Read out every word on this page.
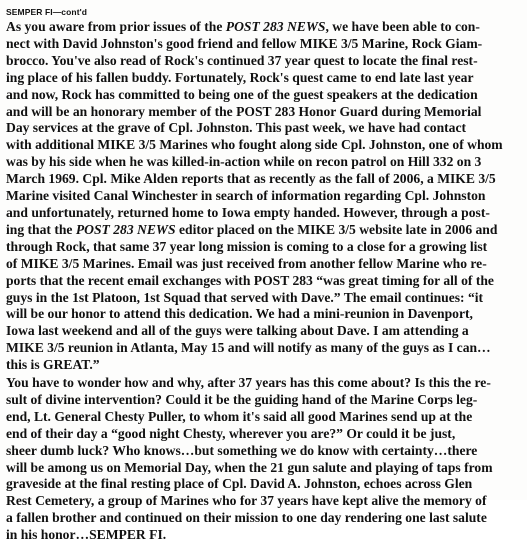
SEMPER FI—cont'd
As you aware from prior issues of the POST 283 NEWS, we have been able to con-
nect with David Johnston's good friend and fellow MIKE 3/5 Marine, Rock Giam-
brocco. You've also read of Rock's continued 37 year quest to locate the final rest-
ing place of his fallen buddy. Fortunately, Rock's quest came to end late last year
and now, Rock has committed to being one of the guest speakers at the dedication
and will be an honorary member of the POST 283 Honor Guard during Memorial
Day services at the grave of Cpl. Johnston. This past week, we have had contact
with additional MIKE 3/5 Marines who fought along side Cpl. Johnston, one of whom
was by his side when he was killed-in-action while on recon patrol on Hill 332 on 3
March 1969. Cpl. Mike Alden reports that as recently as the fall of 2006, a MIKE 3/5
Marine visited Canal Winchester in search of information regarding Cpl. Johnston
and unfortunately, returned home to Iowa empty handed. However, through a post-
ing that the POST 283 NEWS editor placed on the MIKE 3/5 website late in 2006 and
through Rock, that same 37 year long mission is coming to a close for a growing list
of MIKE 3/5 Marines. Email was just received from another fellow Marine who re-
ports that the recent email exchanges with POST 283 “was great timing for all of the
guys in the 1st Platoon, 1st Squad that served with Dave.” The email continues: “it
will be our honor to attend this dedication. We had a mini-reunion in Davenport,
Iowa last weekend and all of the guys were talking about Dave. I am attending a
MIKE 3/5 reunion in Atlanta, May 15 and will notify as many of the guys as I can…
this is GREAT.”
You have to wonder how and why, after 37 years has this come about? Is this the re-
sult of divine intervention? Could it be the guiding hand of the Marine Corps leg-
end, Lt. General Chesty Puller, to whom it's said all good Marines send up at the
end of their day a “good night Chesty, wherever you are?” Or could it be just,
sheer dumb luck? Who knows…but something we do know with certainty…there
will be among us on Memorial Day, when the 21 gun salute and playing of taps from
graveside at the final resting place of Cpl. David A. Johnston, echoes across Glen
Rest Cemetery, a group of Marines who for 37 years have kept alive the memory of
a fallen brother and continued on their mission to one day rendering one last salute
in his honor…SEMPER FI.
